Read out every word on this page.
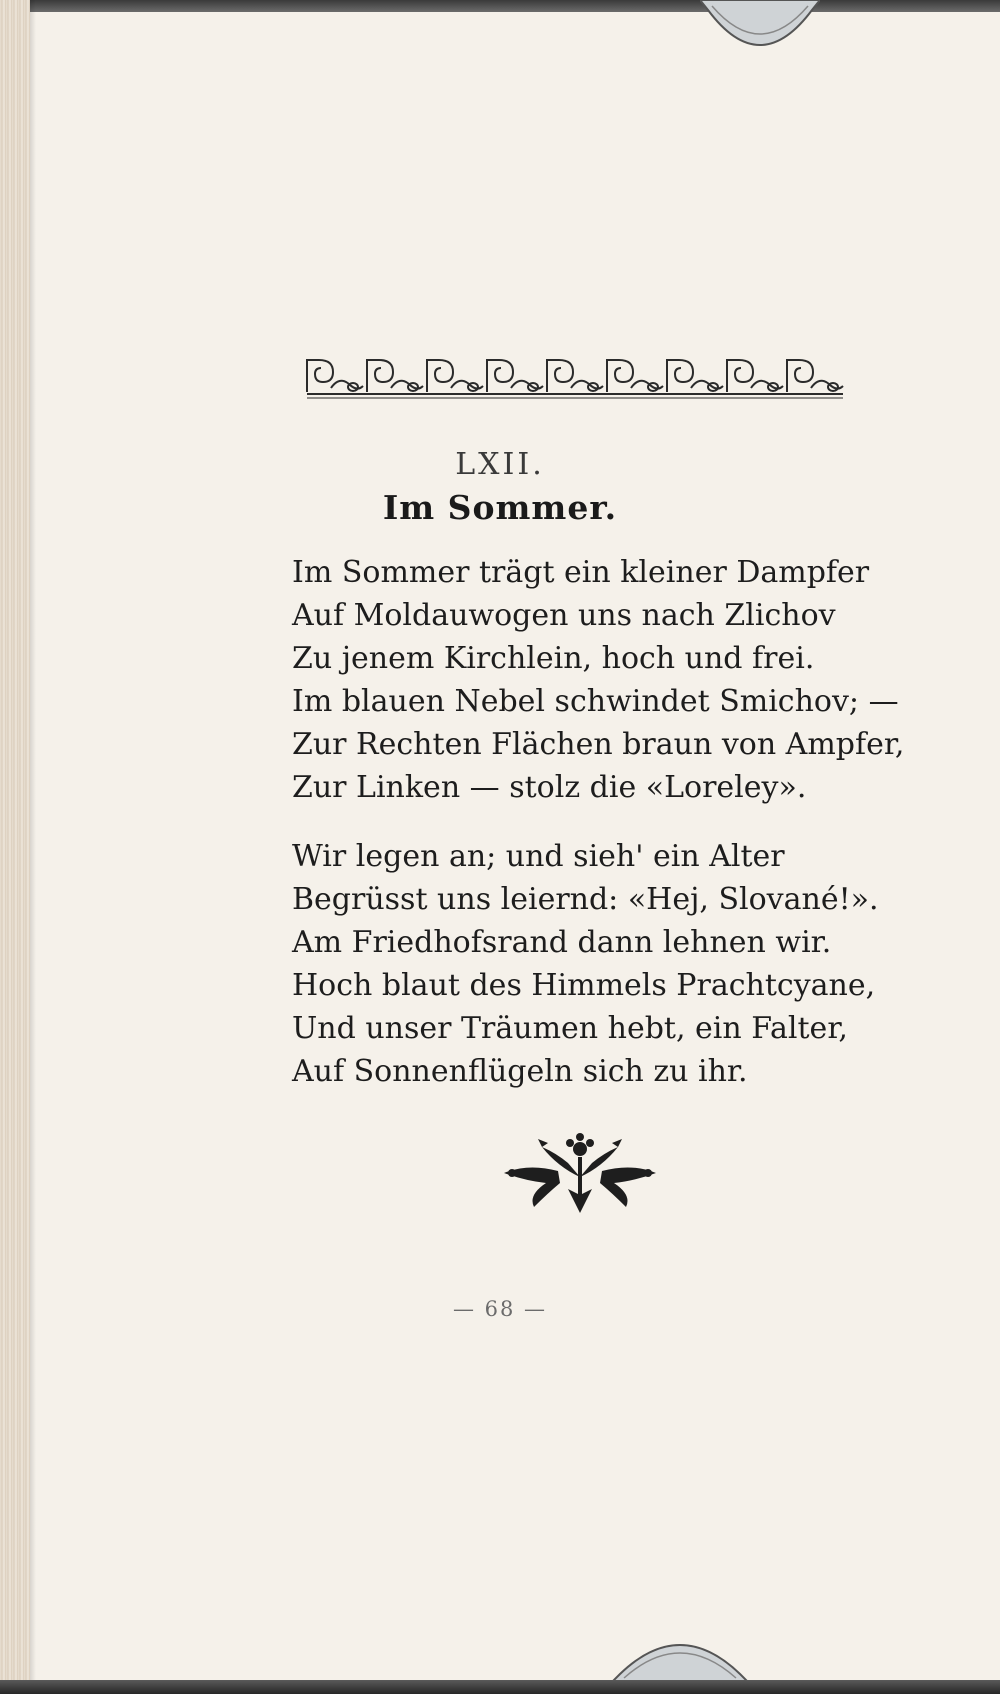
LXII.
Im Sommer.
Im Sommer trägt ein kleiner Dampfer
Auf Moldauwogen uns nach Zlichov
Zu jenem Kirchlein, hoch und frei.
Im blauen Nebel schwindet Smichov; —
Zur Rechten Flächen braun von Ampfer,
Zur Linken — stolz die «Loreley».
Wir legen an; und sieh' ein Alter
Begrüsst uns leiernd: «Hej, Slované!».
Am Friedhofsrand dann lehnen wir.
Hoch blaut des Himmels Prachtcyane,
Und unser Träumen hebt, ein Falter,
Auf Sonnenflügeln sich zu ihr.
— 68 —
